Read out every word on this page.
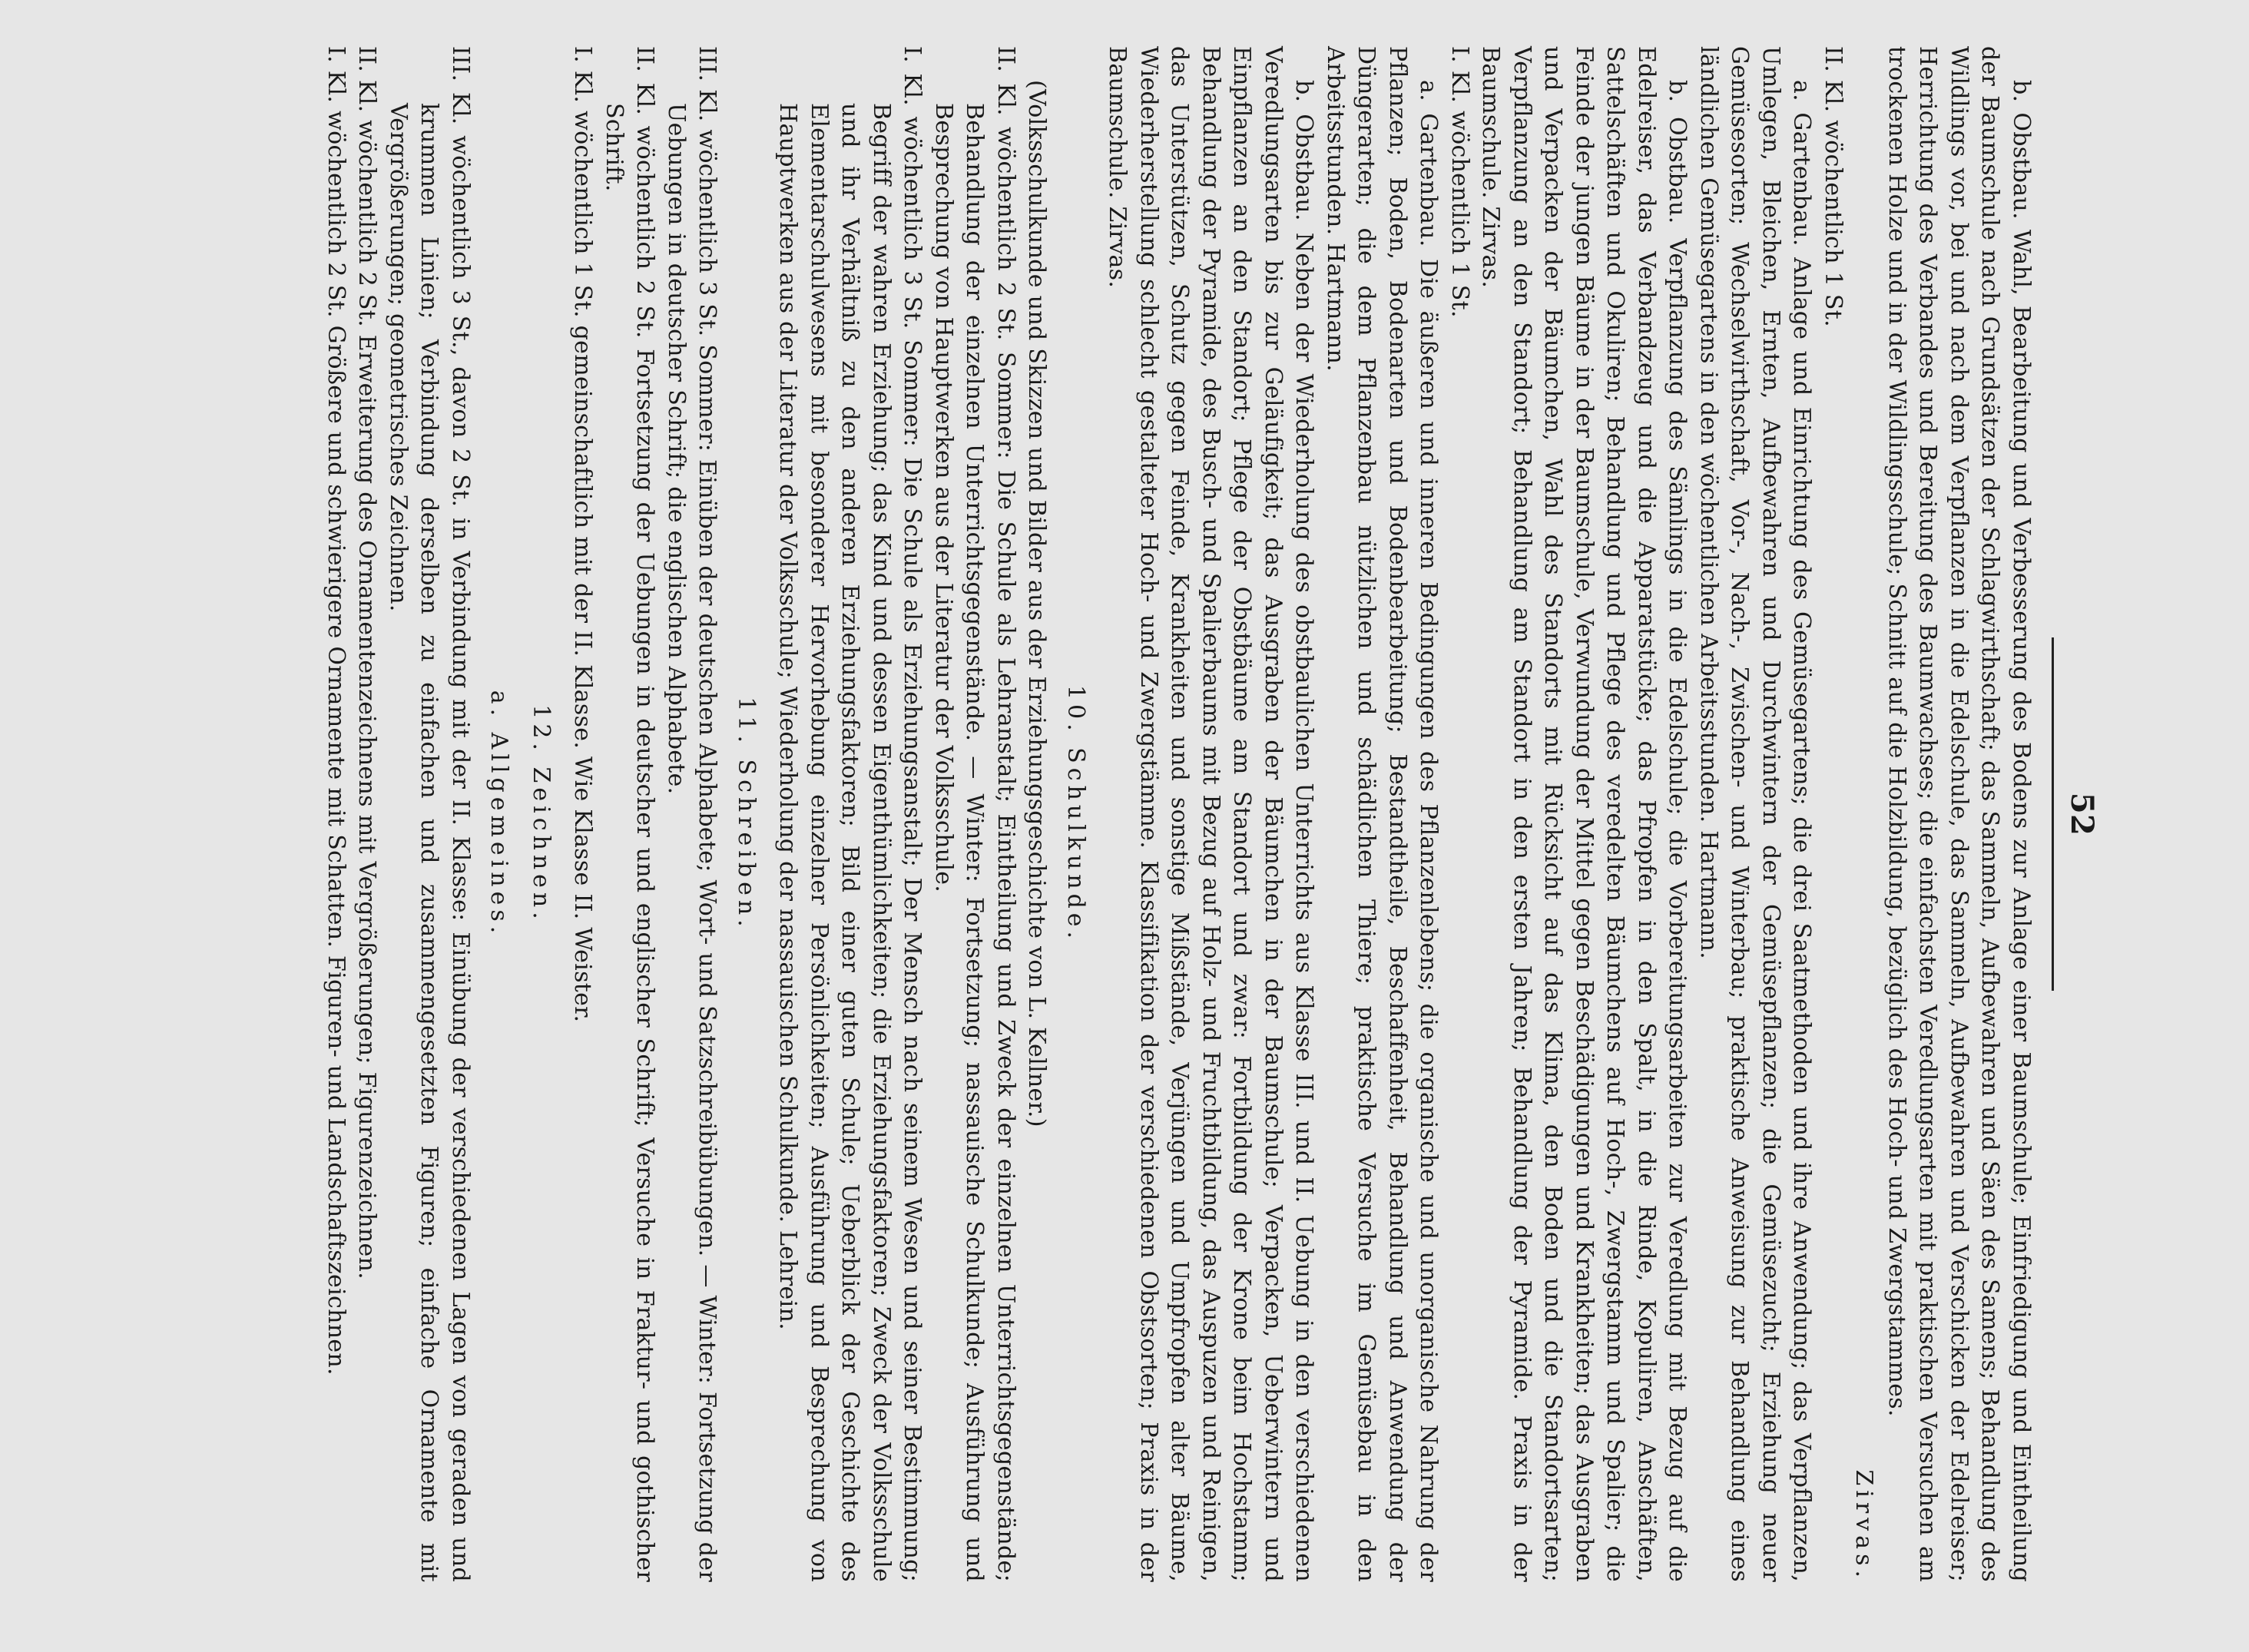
52

b. Obstbau. Wahl, Bearbeitung und Verbesserung des Bodens zur Anlage einer Baumschule; Einfriedigung und Eintheilung der Baumschule nach Grundsätzen der Schlagwirthschaft; das Sammeln, Aufbewahren und Säen des Samens; Behandlung des Wildlings vor, bei und nach dem Verpflanzen in die Edelschule, das Sammeln, Aufbewahren und Verschicken der Edelreiser; Herrichtung des Verbandes und Bereitung des Baumwachses; die einfachsten Veredlungsarten mit praktischen Versuchen am trockenen Holze und in der Wildlingsschule; Schnitt auf die Holzbildung, bezüglich des Hoch- und Zwergstammes.

Zirvas.

II. Kl. wöchentlich 1 St.

a. Gartenbau. Anlage und Einrichtung des Gemüsegartens; die drei Saatmethoden und ihre Anwendung; das Verpflanzen, Umlegen, Bleichen, Ernten, Aufbewahren und Durchwintern der Gemüsepflanzen; die Gemüsezucht; Erziehung neuer Gemüsesorten; Wechselwirthschaft, Vor-, Nach-, Zwischen- und Winterbau; praktische Anweisung zur Behandlung eines ländlichen Gemüsegartens in den wöchentlichen Arbeitsstunden. Hartmann.

b. Obstbau. Verpflanzung des Sämlings in die Edelschule; die Vorbereitungsarbeiten zur Veredlung mit Bezug auf die Edelreiser, das Verbandzeug und die Apparatstücke; das Pfropfen in den Spalt, in die Rinde, Kopuliren, Anschäften, Sattelschäften und Okuliren; Behandlung und Pflege des veredelten Bäumchens auf Hoch-, Zwergstamm und Spalier; die Feinde der jungen Bäume in der Baumschule, Verwundung der Mittel gegen Beschädigungen und Krankheiten; das Ausgraben und Verpacken der Bäumchen, Wahl des Standorts mit Rücksicht auf das Klima, den Boden und die Standortsarten; Verpflanzung an den Standort; Behandlung am Standort in den ersten Jahren; Behandlung der Pyramide. Praxis in der Baumschule. Zirvas.

I. Kl. wöchentlich 1 St.

a. Gartenbau. Die äußeren und inneren Bedingungen des Pflanzenlebens; die organische und unorganische Nahrung der Pflanzen; Boden, Bodenarten und Bodenbearbeitung; Bestandtheile, Beschaffenheit, Behandlung und Anwendung der Düngerarten; die dem Pflanzenbau nützlichen und schädlichen Thiere; praktische Versuche im Gemüsebau in den Arbeitsstunden. Hartmann.

b. Obstbau. Neben der Wiederholung des obstbaulichen Unterrichts aus Klasse III. und II. Uebung in den verschiedenen Veredlungsarten bis zur Geläufigkeit; das Ausgraben der Bäumchen in der Baumschule; Verpacken, Ueberwintern und Einpflanzen an den Standort; Pflege der Obstbäume am Standort und zwar: Fortbildung der Krone beim Hochstamm; Behandlung der Pyramide, des Busch- und Spalierbaums mit Bezug auf Holz- und Fruchtbildung, das Auspuzen und Reinigen, das Unterstützen, Schutz gegen Feinde, Krankheiten und sonstige Mißstände, Verjüngen und Umpfropfen alter Bäume, Wiederherstellung schlecht gestalteter Hoch- und Zwergstämme. Klassifikation der verschiedenen Obstsorten; Praxis in der Baumschule. Zirvas.

10. Schulkunde.

(Volksschulkunde und Skizzen und Bilder aus der Erziehungsgeschichte von L. Kellner.)

II. Kl. wöchentlich 2 St. Sommer: Die Schule als Lehranstalt; Eintheilung und Zweck der einzelnen Unterrichtsgegenstände; Behandlung der einzelnen Unterrichtsgegenstände. — Winter: Fortsetzung; nassauische Schulkunde; Ausführung und Besprechung von Hauptwerken aus der Literatur der Volksschule.

I. Kl. wöchentlich 3 St. Sommer: Die Schule als Erziehungsanstalt; Der Mensch nach seinem Wesen und seiner Bestimmung; Begriff der wahren Erziehung; das Kind und dessen Eigenthümlichkeiten; die Erziehungsfaktoren; Zweck der Volksschule und ihr Verhältniß zu den anderen Erziehungsfaktoren; Bild einer guten Schule; Ueberblick der Geschichte des Elementarschulwesens mit besonderer Hervorhebung einzelner Persönlichkeiten; Ausführung und Besprechung von Hauptwerken aus der Literatur der Volksschule; Wiederholung der nassauischen Schulkunde. Lehrein.

11. Schreiben.

III. Kl. wöchentlich 3 St. Sommer: Einüben der deutschen Alphabete; Wort- und Satzschreibübungen. — Winter: Fortsetzung der Uebungen in deutscher Schrift; die englischen Alphabete.

II. Kl. wöchentlich 2 St. Fortsetzung der Uebungen in deutscher und englischer Schrift; Versuche in Fraktur- und gothischer Schrift.

I. Kl. wöchentlich 1 St. gemeinschaftlich mit der II. Klasse. Wie Klasse II. Weister.

12. Zeichnen.

a. Allgemeines.

III. Kl. wöchentlich 3 St., davon 2 St. in Verbindung mit der II. Klasse: Einübung der verschiedenen Lagen von geraden und krummen Linien; Verbindung derselben zu einfachen und zusammengesetzten Figuren; einfache Ornamente mit Vergrößerungen; geometrisches Zeichnen.

II. Kl. wöchentlich 2 St. Erweiterung des Ornamentenzeichnens mit Vergrößerungen; Figurenzeichnen.

I. Kl. wöchentlich 2 St. Größere und schwierigere Ornamente mit Schatten. Figuren- und Landschaftszeichnen.
